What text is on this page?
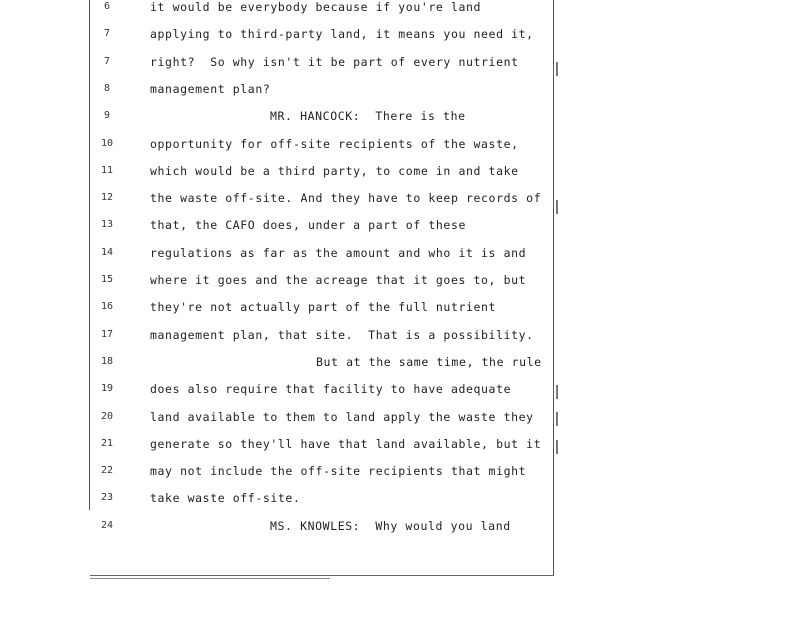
6	it would be everybody because if you're land
7	applying to third-party land, it means you need it,
7	right?  So why isn't it be part of every nutrient
8	management plan?
9	MR. HANCOCK:  There is the
10	opportunity for off-site recipients of the waste,
11	which would be a third party, to come in and take
12	the waste off-site. And they have to keep records of
13	that, the CAFO does, under a part of these
14	regulations as far as the amount and who it is and
15	where it goes and the acreage that it goes to, but
16	they're not actually part of the full nutrient
17	management plan, that site.  That is a possibility.
18	But at the same time, the rule
19	does also require that facility to have adequate
20	land available to them to land apply the waste they
21	generate so they'll have that land available, but it
22	may not include the off-site recipients that might
23	take waste off-site.
24	MS. KNOWLES:  Why would you land
